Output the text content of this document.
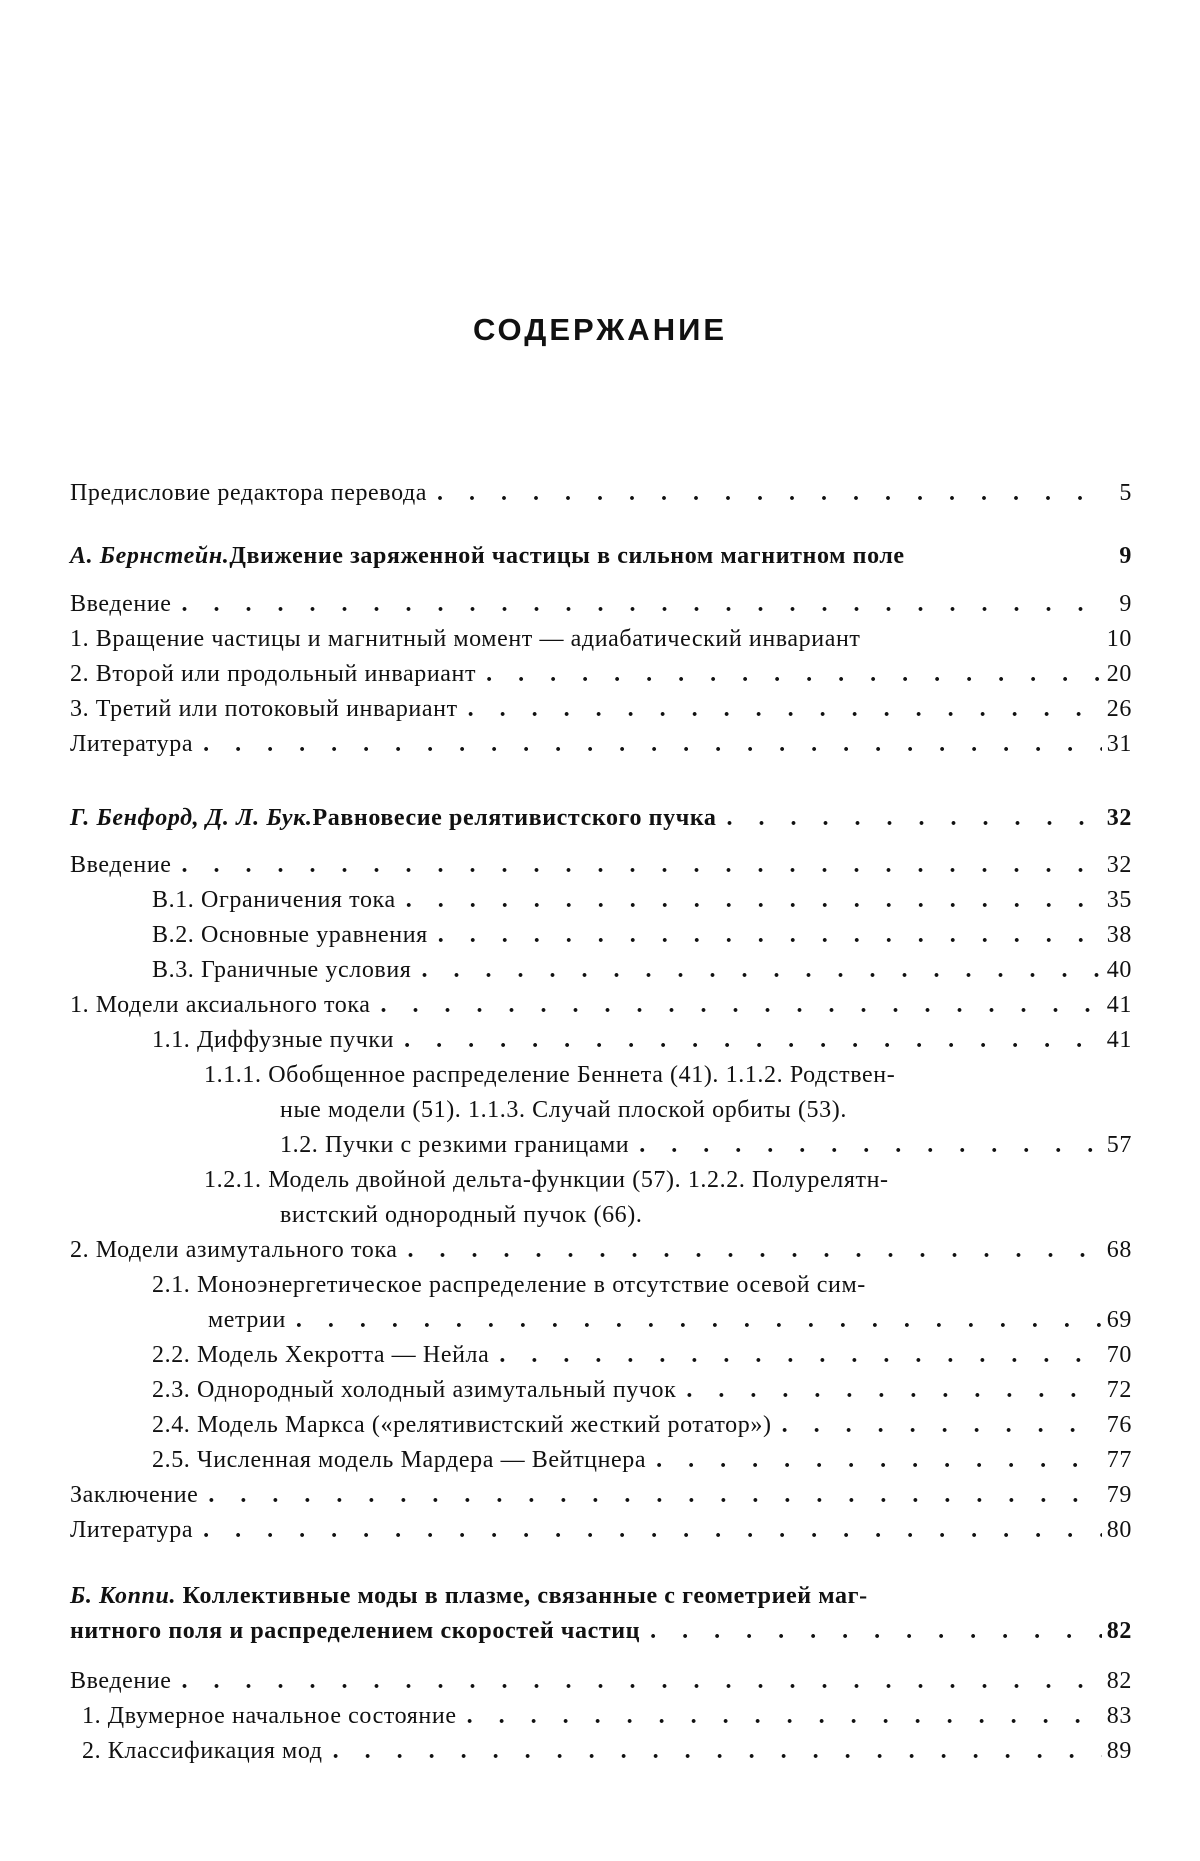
СОДЕРЖАНИЕ
Предисловие редактора перевода . . .	5
А. Бернстейн. Движение заряженной частицы в сильном магнитном поле	9
Введение . . .	9
1. Вращение частицы и магнитный момент — адиабатический инвариант	10
2. Второй или продольный инвариант . . .	20
3. Третий или потоковый инвариант . . .	26
Литература . . .	31
Г. Бенфорд, Д. Л. Бук. Равновесие релятивистского пучка . . .	32
Введение . . .	32
В.1. Ограничения тока . . .	35
В.2. Основные уравнения . . .	38
В.3. Граничные условия . . .	40
1. Модели аксиального тока . . .	41
1.1. Диффузные пучки . . .	41
1.1.1. Обобщенное распределение Беннета (41). 1.1.2. Родствен-
ные модели (51). 1.1.3. Случай плоской орбиты (53).
1.2. Пучки с резкими границами . . .	57
1.2.1. Модель двойной дельта-функции (57). 1.2.2. Полурелятн-
вистский однородный пучок (66).
2. Модели азимутального тока . . .	68
2.1. Моноэнергетическое распределение в отсутствие осевой сим-
метрии . . .	69
2.2. Модель Хекротта — Нейла . . .	70
2.3. Однородный холодный азимутальный пучок . . .	72
2.4. Модель Маркса («релятивистский жесткий ротатор») . . .	76
2.5. Численная модель Мардера — Вейтцнера . . .	77
Заключение . . .	79
Литература . . .	80
Б. Коппи. Коллективные моды в плазме, связанные с геометрией маг-
нитного поля и распределением скоростей частиц . . .	82
Введение . . .	82
1. Двумерное начальное состояние . . .	83
2. Классификация мод . . .	89
